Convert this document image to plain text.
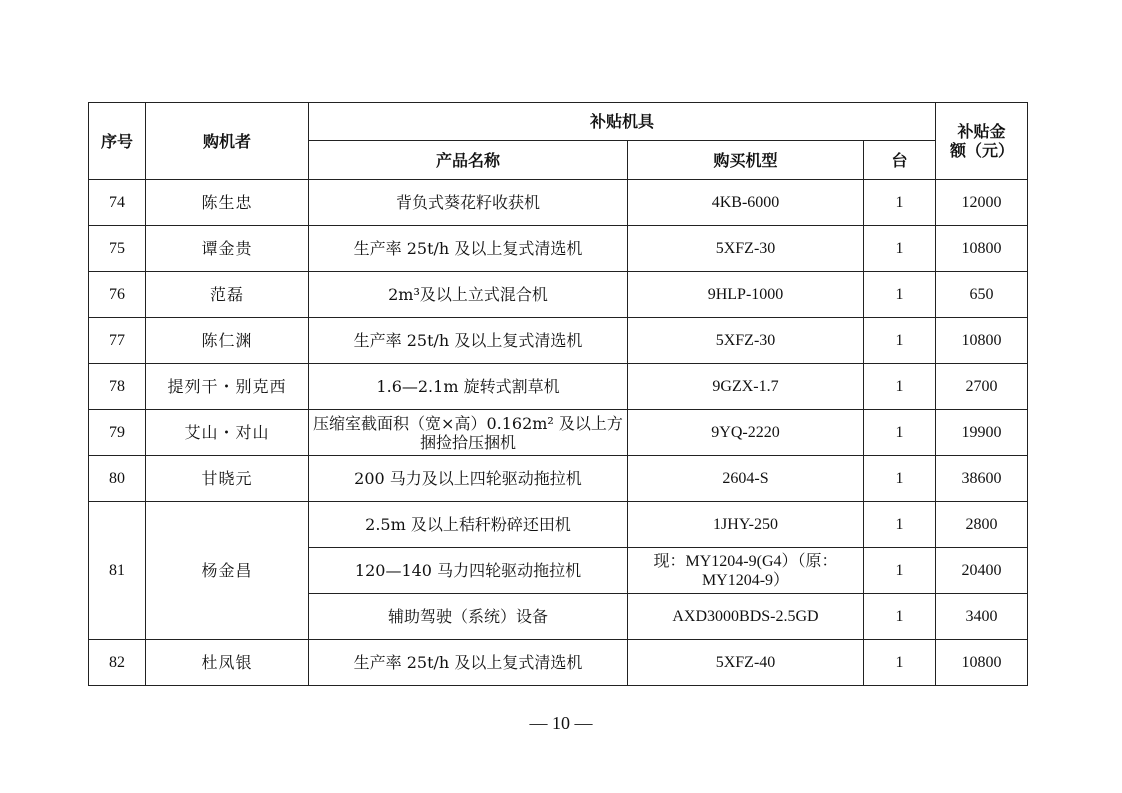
序号	购机者	补贴机具			补贴金额（元）
		产品名称	购买机型	台	
74	陈生忠	背负式葵花籽收获机	4KB-6000	1	12000
75	谭金贵	生产率 25t/h 及以上复式清选机	5XFZ-30	1	10800
76	范磊	2m³及以上立式混合机	9HLP-1000	1	650
77	陈仁渊	生产率 25t/h 及以上复式清选机	5XFZ-30	1	10800
78	提列干・别克西	1.6—2.1m 旋转式割草机	9GZX-1.7	1	2700
79	艾山・对山	压缩室截面积（宽×高）0.162m² 及以上方捆捡拾压捆机	9YQ-2220	1	19900
80	甘晓元	200 马力及以上四轮驱动拖拉机	2604-S	1	38600
81	杨金昌	2.5m 及以上秸秆粉碎还田机	1JHY-250	1	2800
		120—140 马力四轮驱动拖拉机	现：MY1204-9(G4）（原：MY1204-9）	1	20400
		辅助驾驶（系统）设备	AXD3000BDS-2.5GD	1	3400
82	杜凤银	生产率 25t/h 及以上复式清选机	5XFZ-40	1	10800
— 10 —
